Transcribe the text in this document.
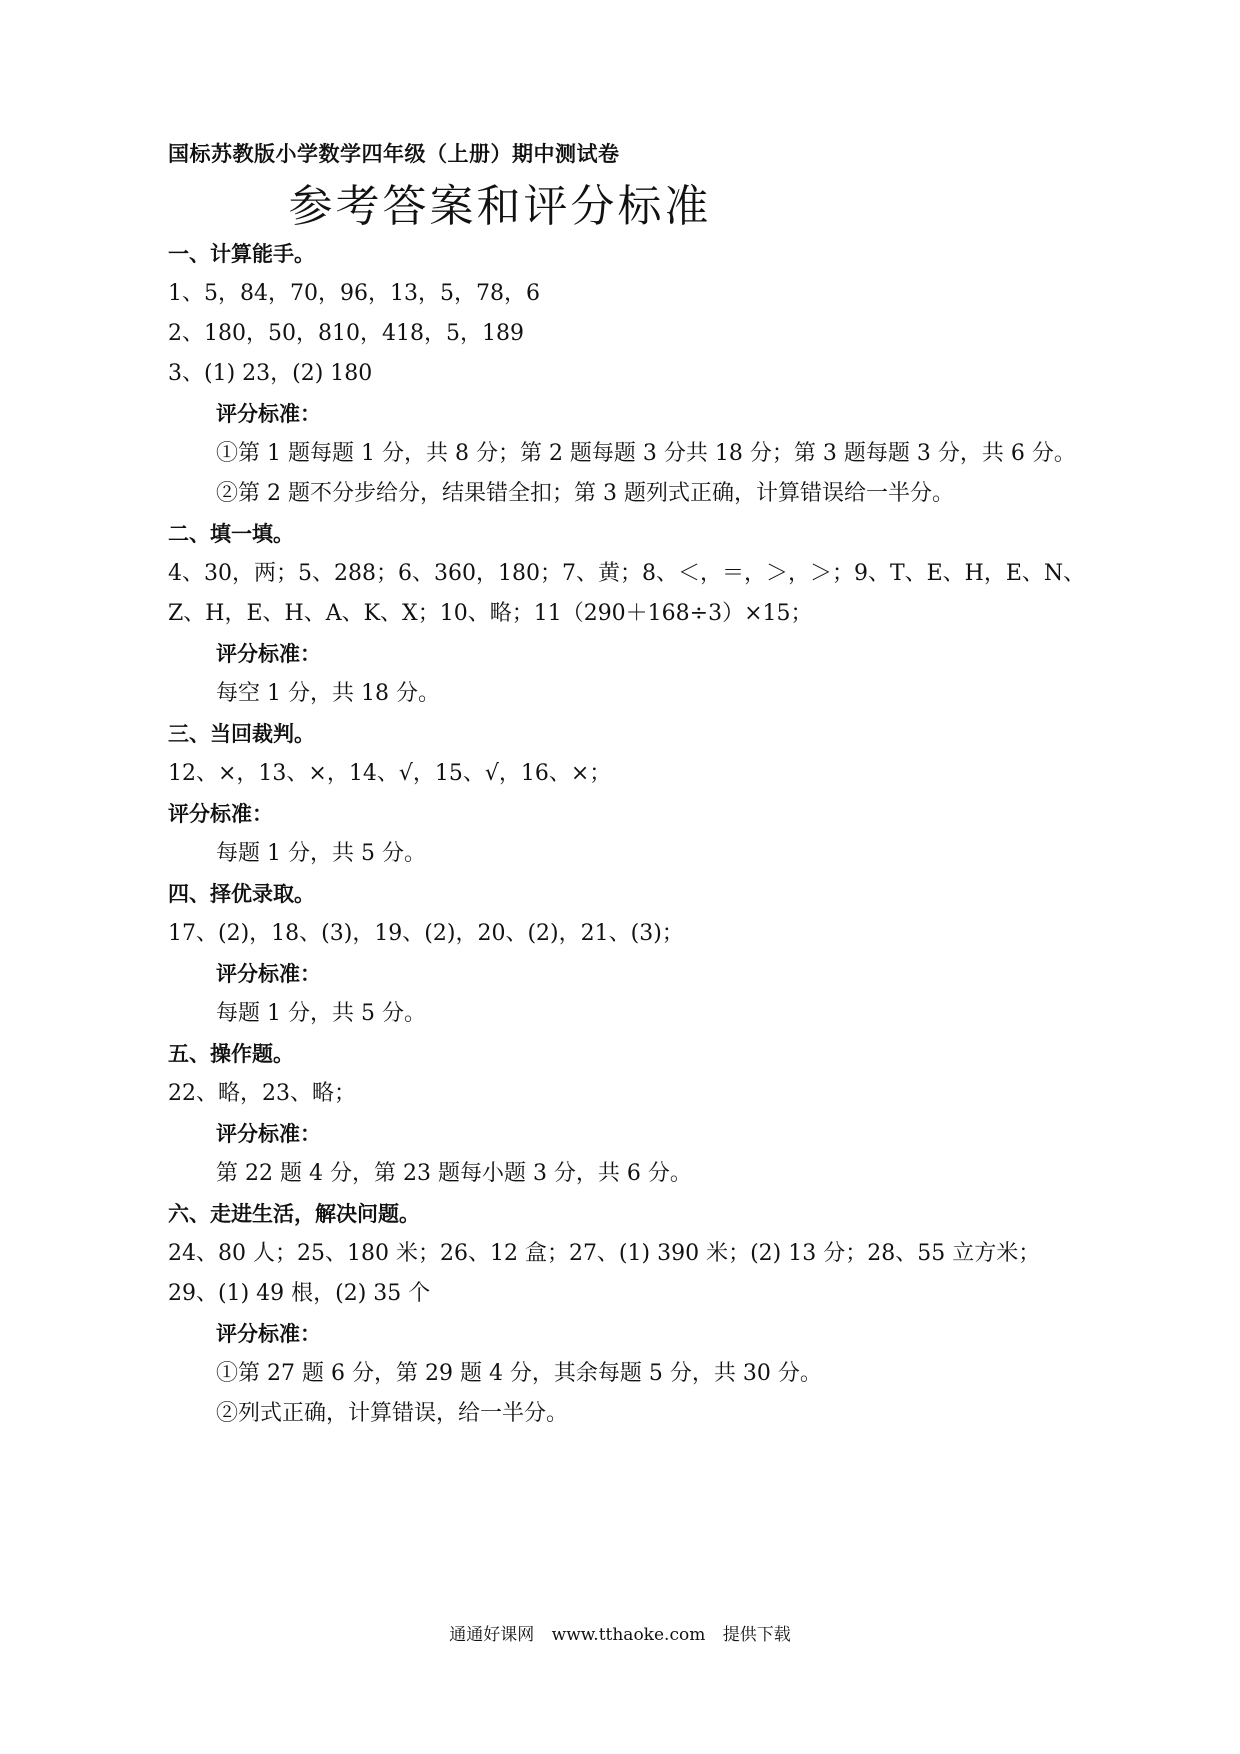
国标苏教版小学数学四年级（上册）期中测试卷
参考答案和评分标准
一、计算能手。
1、5，84，70，96，13，5，78，6
2、180，50，810，418，5，189
3、(1) 23，(2) 180
评分标准：
①第 1 题每题 1 分，共 8 分；第 2 题每题 3 分共 18 分；第 3 题每题 3 分，共 6 分。
②第 2 题不分步给分，结果错全扣；第 3 题列式正确，计算错误给一半分。
二、填一填。
4、30，两；5、288；6、360，180；7、黄；8、＜，＝，＞，＞；9、T、E、H，E、N、
Z、H，E、H、A、K、X；10、略；11（290＋168÷3）×15；
评分标准：
每空 1 分，共 18 分。
三、当回裁判。
12、×，13、×，14、√，15、√，16、×；
评分标准：
每题 1 分，共 5 分。
四、择优录取。
17、(2)，18、(3)，19、(2)，20、(2)，21、(3)；
评分标准：
每题 1 分，共 5 分。
五、操作题。
22、略，23、略；
评分标准：
第 22 题 4 分，第 23 题每小题 3 分，共 6 分。
六、走进生活，解决问题。
24、80 人；25、180 米；26、12 盒；27、(1) 390 米；(2) 13 分；28、55 立方米；
29、(1) 49 根，(2) 35 个
评分标准：
①第 27 题 6 分，第 29 题 4 分，其余每题 5 分，共 30 分。
②列式正确，计算错误，给一半分。
通通好课网 www.tthaoke.com 提供下载
